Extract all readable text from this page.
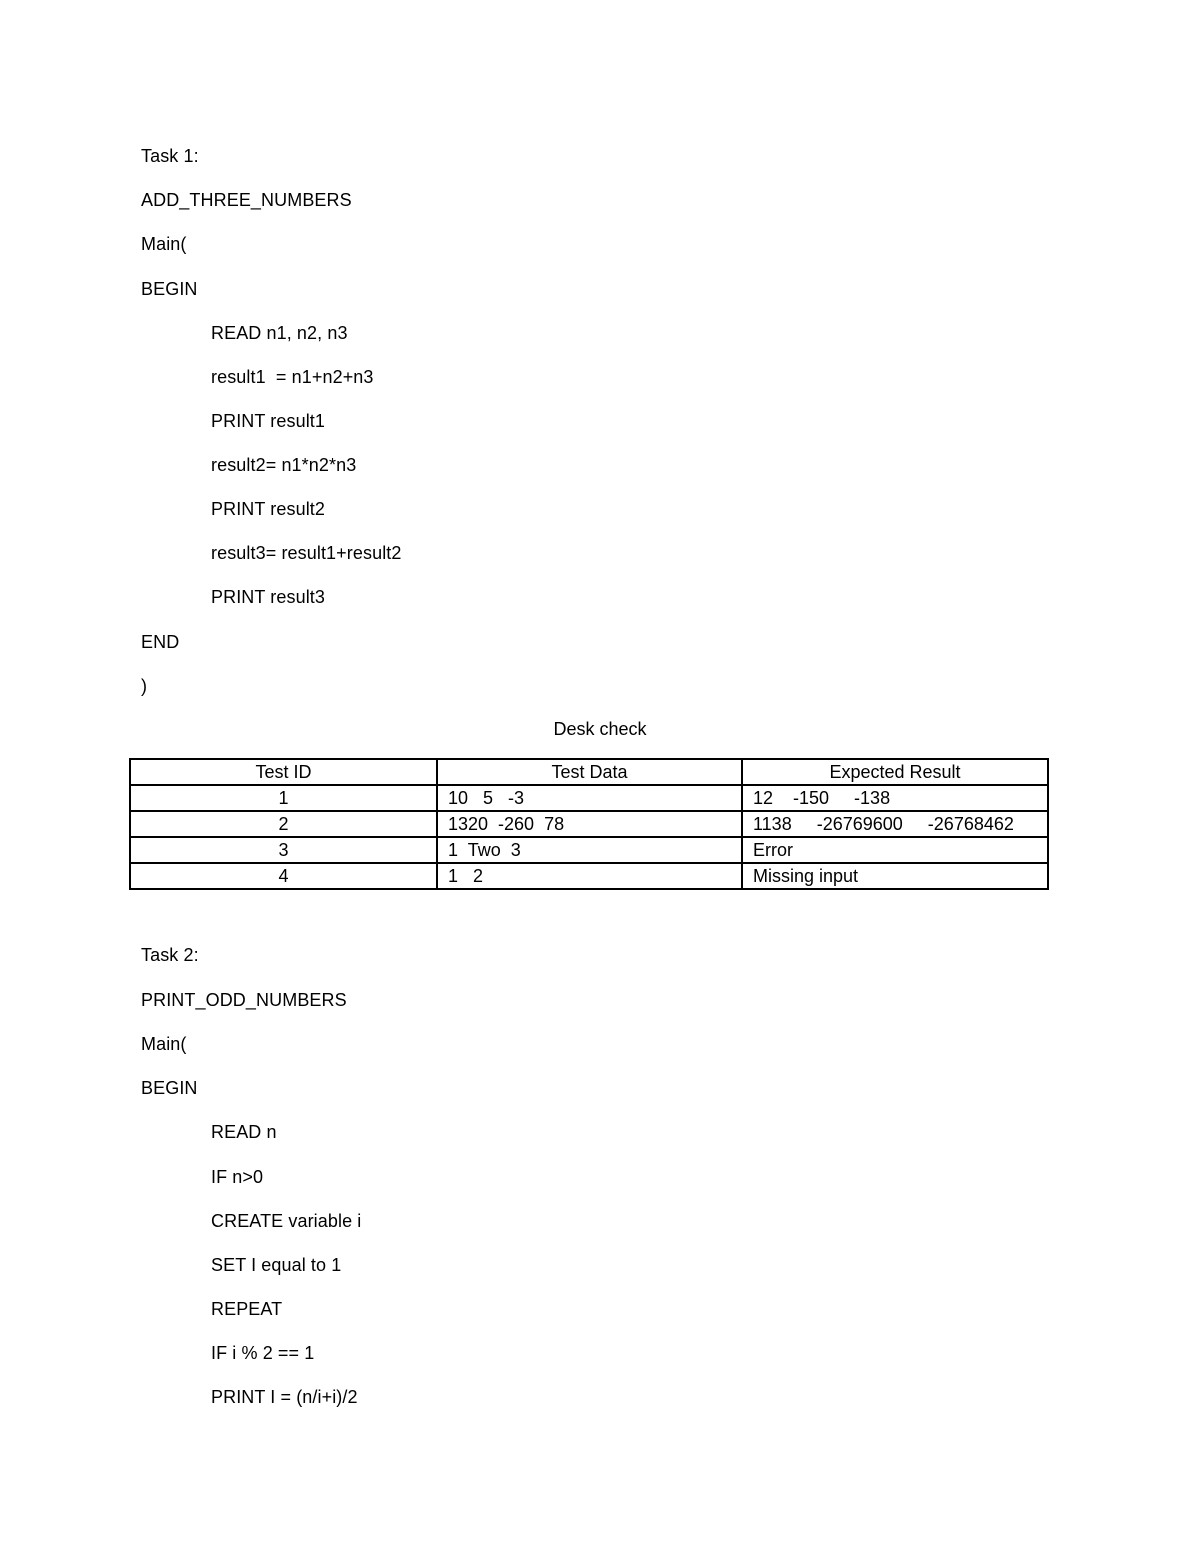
Task 1:
ADD_THREE_NUMBERS
Main(
BEGIN
READ n1, n2, n3
result1  = n1+n2+n3
PRINT result1
result2= n1*n2*n3
PRINT result2
result3= result1+result2
PRINT result3
END
)
Desk check
Test ID	Test Data	Expected Result
1	10   5   -3	12    -150     -138
2	1320  -260  78	1138     -26769600     -26768462
3	1  Two  3	Error
4	1   2	Missing input
Task 2:
PRINT_ODD_NUMBERS
Main(
BEGIN
READ n
IF n>0
CREATE variable i
SET I equal to 1
REPEAT
IF i % 2 == 1
PRINT I = (n/i+i)/2
